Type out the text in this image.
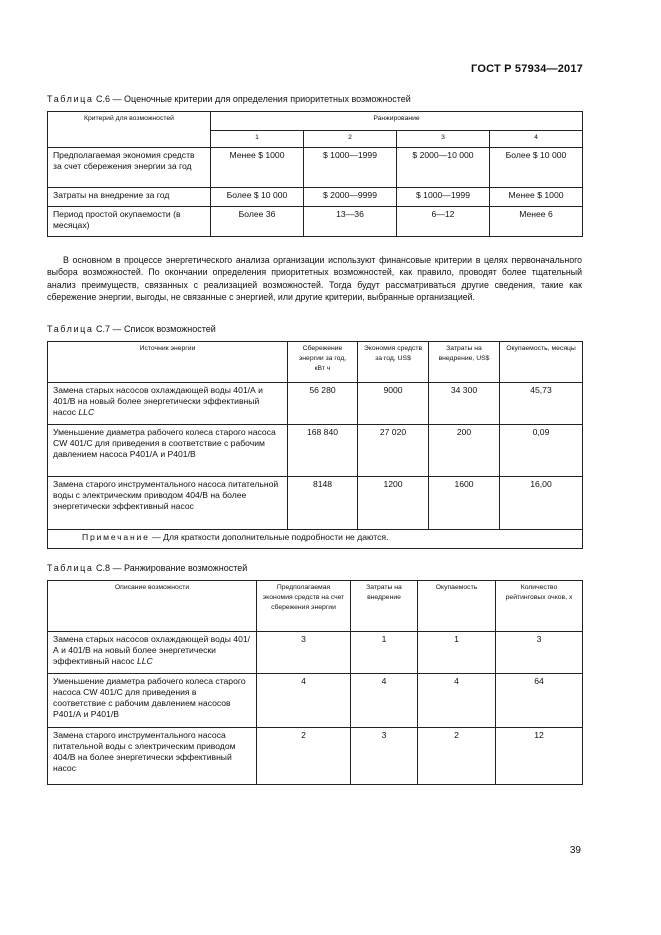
ГОСТ Р 57934—2017
Таблица С.6 — Оценочные критерии для определения приоритетных возможностей
Критерий для возможностей	Ранжирование			
	1	2	3	4
Предполагаемая экономия средств за счет сбережения энергии за год	Менее $ 1000	$ 1000—1999	$ 2000—10 000	Более $ 10 000
Затраты на внедрение за год	Более $ 10 000	$ 2000—9999	$ 1000—1999	Менее $ 1000
Период простой окупаемости (в месяцах)	Более 36	13—36	6—12	Менее 6

В основном в процессе энергетического анализа организации используют финансовые критерии в целях первоначального выбора возможностей. По окончании определения приоритетных возможностей, как правило, проводят более тщательный анализ преимуществ, связанных с реализацией возможностей. Тогда будут рассматриваться другие сведения, такие как сбережение энергии, выгоды, не связанные с энергией, или другие критерии, выбранные организацией.

Таблица С.7 — Список возможностей
Источник энергии	Сбережение энергии за год, кВт ч	Экономия средств за год, US$	Затраты на внедрение, US$	Окупаемость, месяцы
Замена старых насосов охлаждающей воды 401/А и 401/В на новый более энергетически эффективный насос LLC	56 280	9000	34 300	45,73
Уменьшение диаметра рабочего колеса старого насоса CW 401/С для приведения в соответствие с рабочим давлением насоса Р401/А и Р401/В	168 840	27 020	200	0,09
Замена старого инструментального насоса питательной воды с электрическим приводом 404/В на более энергетически эффективный насос	8148	1200	1600	16,00
Примечание — Для краткости дополнительные подробности не даются.				
Таблица С.8 — Ранжирование возможностей
Описание возможности	Предполагаемая экономия средств на счет сбережения энергии	Затраты на внедрение	Окупаемость	Количество рейтинговых очков, х
Замена старых насосов охлаждающей воды 401/А и 401/В на новый более энергетически эффективный насос LLC	3	1	1	3
Уменьшение диаметра рабочего колеса старого насоса CW 401/С для приведения в соответствие с рабочим давлением насосов Р401/А и Р401/В	4	4	4	64
Замена старого инструментального насоса питательной воды с электрическим приводом 404/В на более энергетически эффективный насос	2	3	2	12
39
